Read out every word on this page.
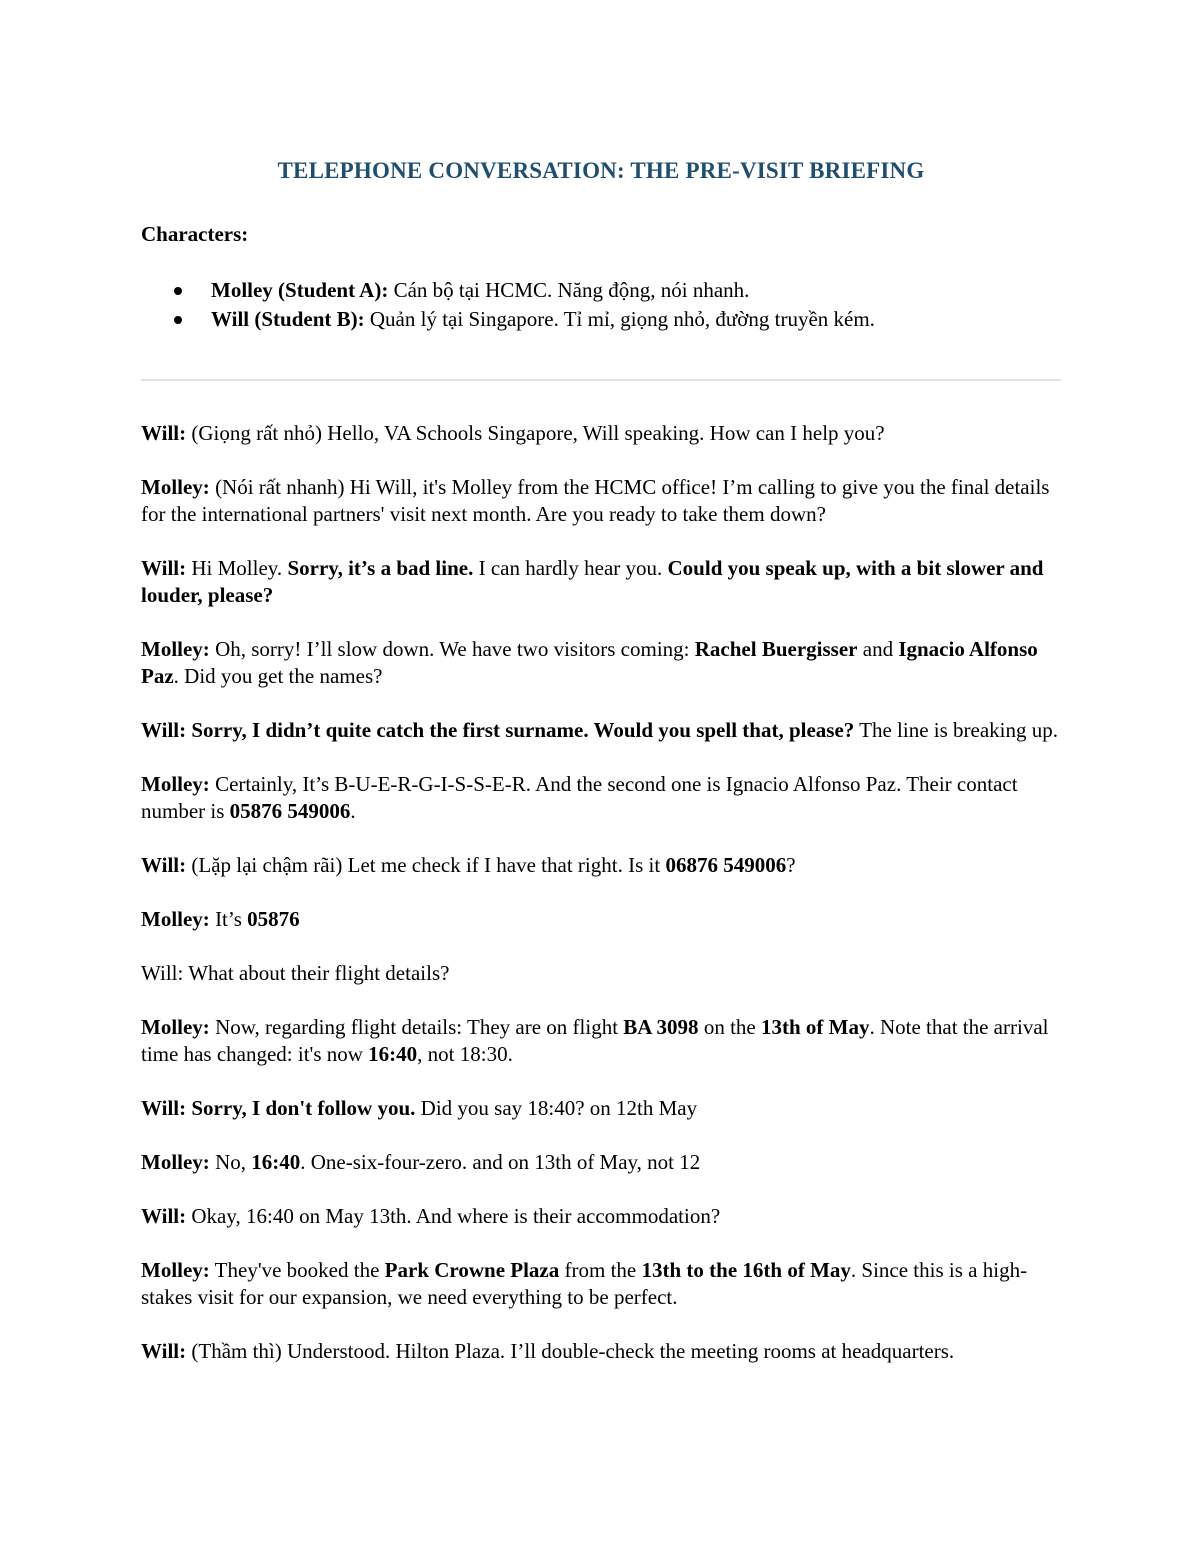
TELEPHONE CONVERSATION: THE PRE-VISIT BRIEFING
Characters:
Molley (Student A): Cán bộ tại HCMC. Năng động, nói nhanh.
Will (Student B): Quản lý tại Singapore. Tỉ mỉ, giọng nhỏ, đường truyền kém.

Will: (Giọng rất nhỏ) Hello, VA Schools Singapore, Will speaking. How can I help you?

Molley: (Nói rất nhanh) Hi Will, it's Molley from the HCMC office! I’m calling to give you the final details for the international partners' visit next month. Are you ready to take them down?

Will: Hi Molley. Sorry, it’s a bad line. I can hardly hear you. Could you speak up, with a bit slower and louder, please?

Molley: Oh, sorry! I’ll slow down. We have two visitors coming: Rachel Buergisser and Ignacio Alfonso Paz. Did you get the names?

Will: Sorry, I didn’t quite catch the first surname. Would you spell that, please? The line is breaking up.

Molley: Certainly, It’s B-U-E-R-G-I-S-S-E-R. And the second one is Ignacio Alfonso Paz. Their contact number is 05876 549006.

Will: (Lặp lại chậm rãi) Let me check if I have that right. Is it 06876 549006?

Molley: It’s 05876

Will: What about their flight details?

Molley: Now, regarding flight details: They are on flight BA 3098 on the 13th of May. Note that the arrival time has changed: it's now 16:40, not 18:30.

Will: Sorry, I don't follow you. Did you say 18:40? on 12th May

Molley: No, 16:40. One-six-four-zero. and on 13th of May, not 12

Will: Okay, 16:40 on May 13th. And where is their accommodation?

Molley: They've booked the Park Crowne Plaza from the 13th to the 16th of May. Since this is a high-stakes visit for our expansion, we need everything to be perfect.

Will: (Thầm thì) Understood. Hilton Plaza. I’ll double-check the meeting rooms at headquarters.
